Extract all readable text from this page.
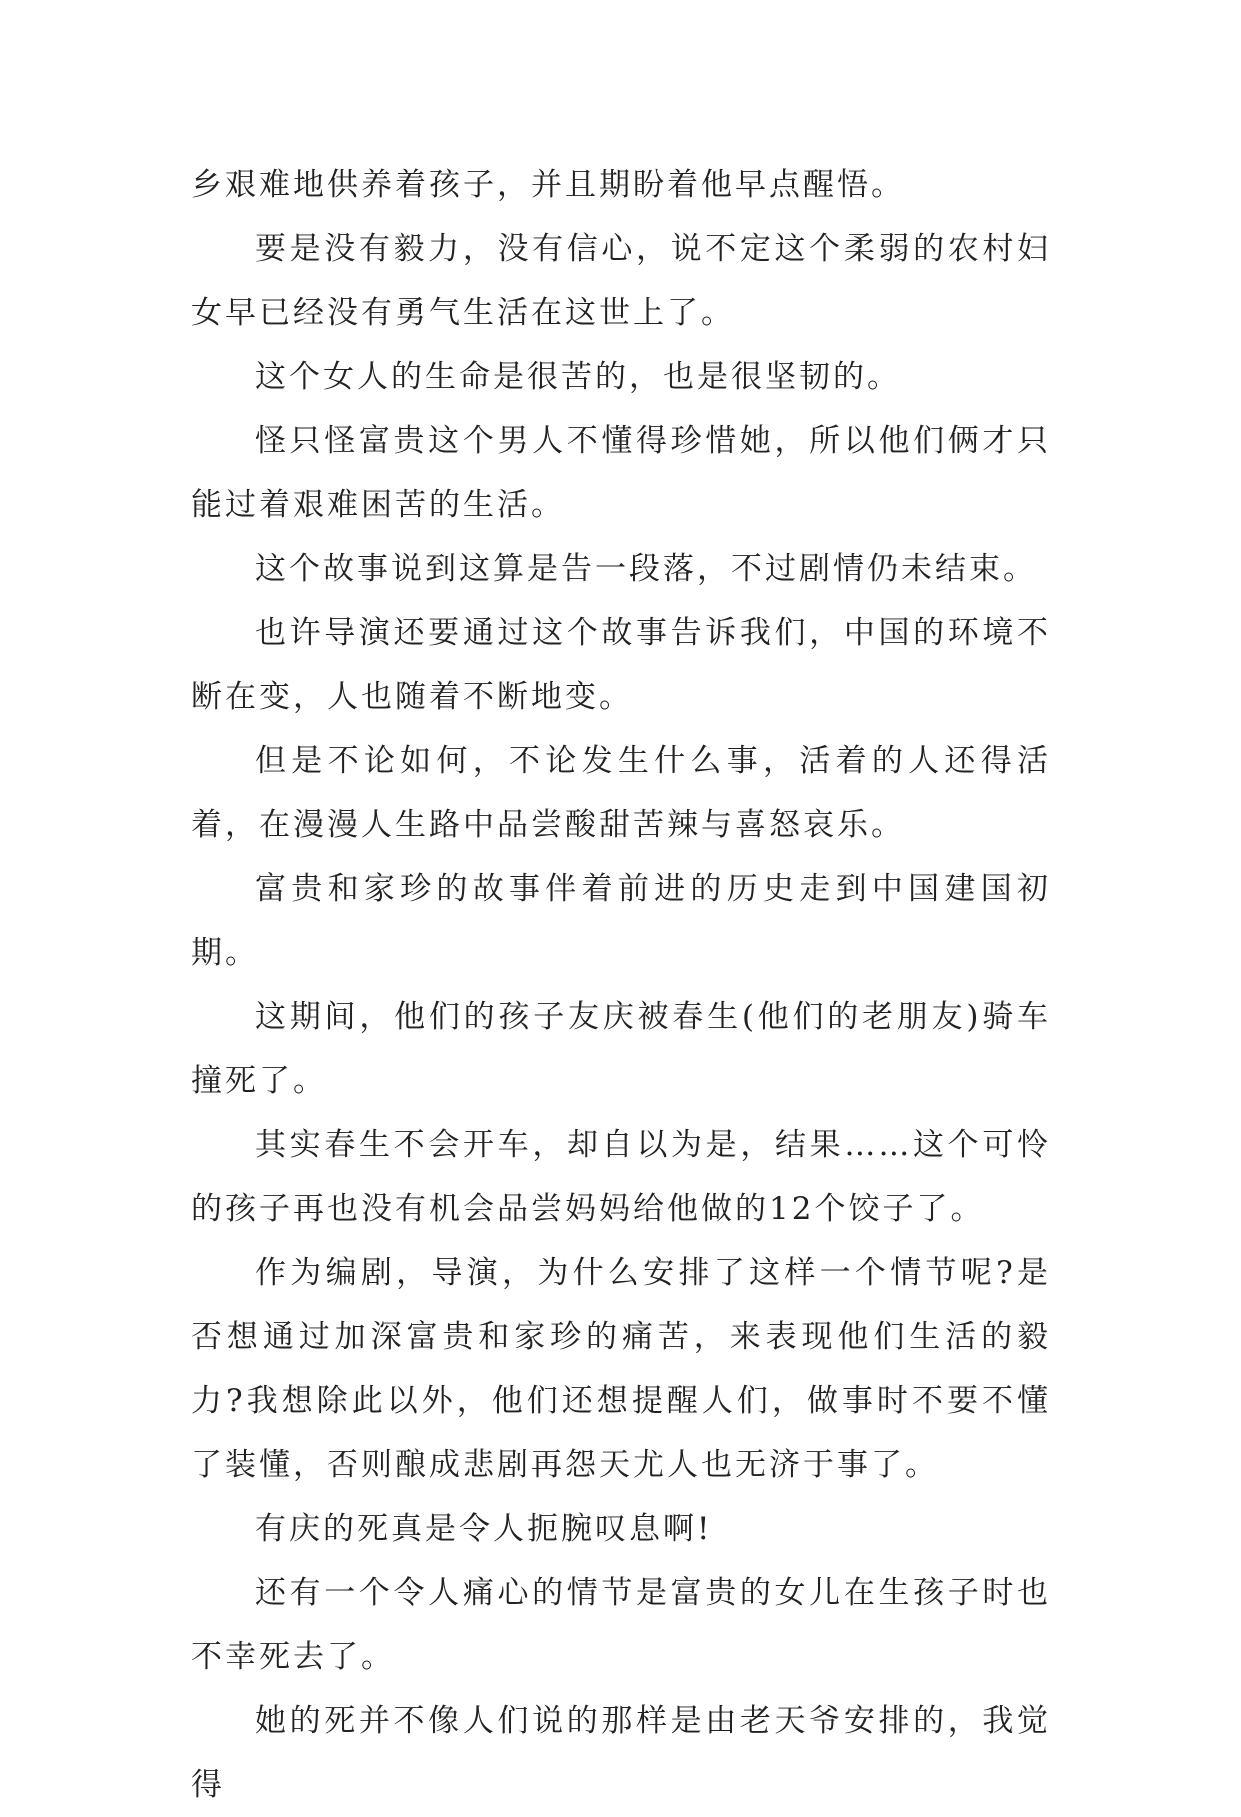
乡艰难地供养着孩子，并且期盼着他早点醒悟。

要是没有毅力，没有信心，说不定这个柔弱的农村妇女早已经没有勇气生活在这世上了。

这个女人的生命是很苦的，也是很坚韧的。

怪只怪富贵这个男人不懂得珍惜她，所以他们俩才只能过着艰难困苦的生活。

这个故事说到这算是告一段落，不过剧情仍未结束。

也许导演还要通过这个故事告诉我们，中国的环境不断在变，人也随着不断地变。

但是不论如何，不论发生什么事，活着的人还得活着，在漫漫人生路中品尝酸甜苦辣与喜怒哀乐。

富贵和家珍的故事伴着前进的历史走到中国建国初期。

这期间，他们的孩子友庆被春生(他们的老朋友)骑车撞死了。

其实春生不会开车，却自以为是，结果……这个可怜的孩子再也没有机会品尝妈妈给他做的12个饺子了。

作为编剧，导演，为什么安排了这样一个情节呢?是否想通过加深富贵和家珍的痛苦，来表现他们生活的毅力?我想除此以外，他们还想提醒人们，做事时不要不懂了装懂，否则酿成悲剧再怨天尤人也无济于事了。

有庆的死真是令人扼腕叹息啊!

还有一个令人痛心的情节是富贵的女儿在生孩子时也不幸死去了。

她的死并不像人们说的那样是由老天爷安排的，我觉得
